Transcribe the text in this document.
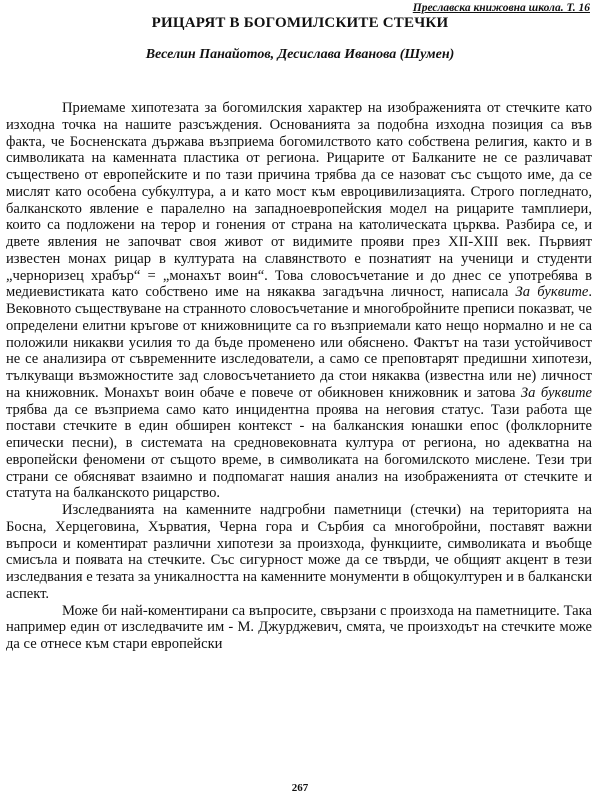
Преславска книжовна школа. Т. 16
РИЦАРЯТ В БОГОМИЛСКИТЕ СТЕЧКИ
Веселин Панайотов, Десислава Иванова (Шумен)

Приемаме хипотезата за богомилския характер на изображенията от стечките като изходна точка на нашите разсъждения. Основанията за подобна изходна позиция са във факта, че Босненската държава възприема богомилството като собствена религия, както и в символиката на каменната пластика от региона. Рицарите от Балканите не се различават съществено от европейските и по тази причина трябва да се назоват със същото име, да се мислят като особена субкултура, а и като мост към евроцивилизацията. Строго погледнато, балканското явление е паралелно на западноевропейския модел на рицарите тамплиери, които са подложени на терор и гонения от страна на католическата църква. Разбира се, и двете явления не започват своя живот от видимите прояви през XII-XIII век. Първият известен монах рицар в културата на славянството е познатият на ученици и студенти „черноризец храбър“ = „монахът вoин“. Това словосъчетание и до днес се употребява в медиевистиката като собствено име на някаква загадъчна личност, написала За буквите. Вековното съществуване на странното словосъчетание и многобройните преписи показват, че определени елитни кръгове от книжовниците са го възприемали като нещо нормално и не са положили никакви усилия то да бъде променено или обяснено. Фактът на тази устойчивост не се анализира от съвременните изследователи, а само се преповтарят предишни хипотези, тълкуващи възможностите зад словосъчетанието да стои някаква (известна или не) личност на книжовник. Монахът вoин обаче е повече от обикновен книжовник и затова За буквите трябва да се възприема само като инцидентна проява на неговия статус. Тази работа ще постави стечките в един обширен контекст - на балканския юнашки епос (фолклорните епически песни), в системата на средновековната култура от региона, но адекватна на европейски феномени от същото време, в символиката на богомилското мислене. Тези три страни се обясняват взаимно и подпомагат нашия анализ на изображенията от стечките и статута на балканското рицарство.

Изследванията на каменните надгробни паметници (стечки) на територията на Босна, Херцеговина, Хърватия, Черна гора и Сърбия са многобройни, поставят важни въпроси и коментират различни хипотези за произхода, функциите, символиката и въобще смисъла и появата на стечките. Със сигурност може да се твърди, че общият акцент в тези изследвания е тезата за уникалността на каменните монументи в общокултурен и в балкански аспект.

Може би най-коментирани са въпросите, свързани с произхода на паметниците. Така например един от изследвачите им - М. Джурджевич, смята, че произходът на стечките може да се отнесе към стари европейски

267
